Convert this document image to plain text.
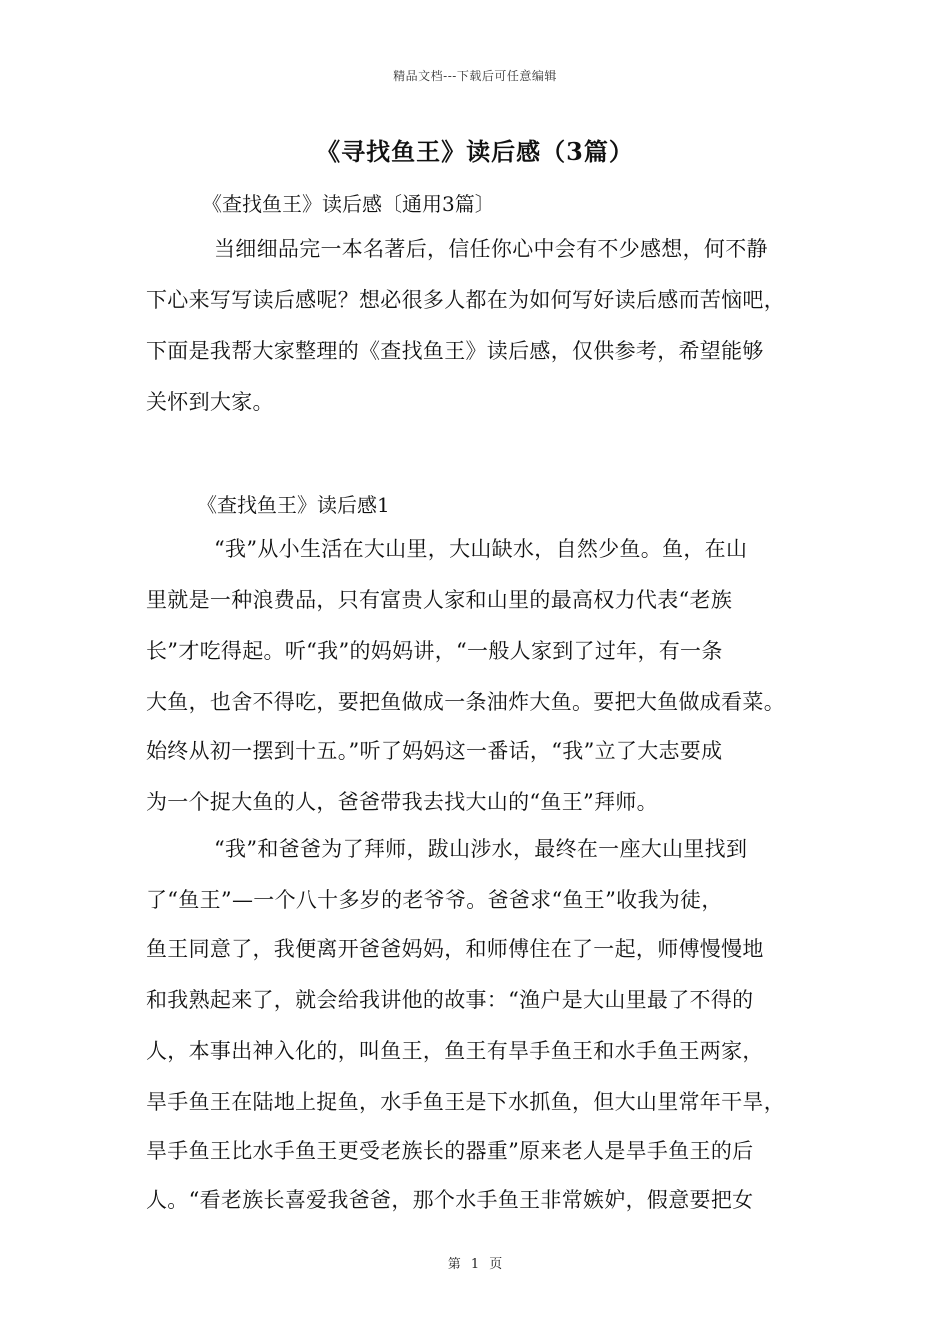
精品文档---下载后可任意编辑
《寻找鱼王》读后感（3篇）
《查找鱼王》读后感〔通用3篇〕
当细细品完一本名著后，信任你心中会有不少感想，何不静
下心来写写读后感呢？想必很多人都在为如何写好读后感而苦恼吧，
下面是我帮大家整理的《查找鱼王》读后感，仅供参考，希望能够
关怀到大家。
《查找鱼王》读后感1
“我”从小生活在大山里，大山缺水，自然少鱼。鱼，在山
里就是一种浪费品，只有富贵人家和山里的最高权力代表“老族
长”才吃得起。听“我”的妈妈讲，“一般人家到了过年，有一条
大鱼，也舍不得吃，要把鱼做成一条油炸大鱼。要把大鱼做成看菜。
始终从初一摆到十五。”听了妈妈这一番话，“我”立了大志要成
为一个捉大鱼的人，爸爸带我去找大山的“鱼王”拜师。
“我”和爸爸为了拜师，跋山涉水，最终在一座大山里找到
了“鱼王”—一个八十多岁的老爷爷。爸爸求“鱼王”收我为徒，
鱼王同意了，我便离开爸爸妈妈，和师傅住在了一起，师傅慢慢地
和我熟起来了，就会给我讲他的故事：“渔户是大山里最了不得的
人，本事出神入化的，叫鱼王，鱼王有旱手鱼王和水手鱼王两家，
旱手鱼王在陆地上捉鱼，水手鱼王是下水抓鱼，但大山里常年干旱，
旱手鱼王比水手鱼王更受老族长的器重”原来老人是旱手鱼王的后
人。“看老族长喜爱我爸爸，那个水手鱼王非常嫉妒，假意要把女
第 1 页
